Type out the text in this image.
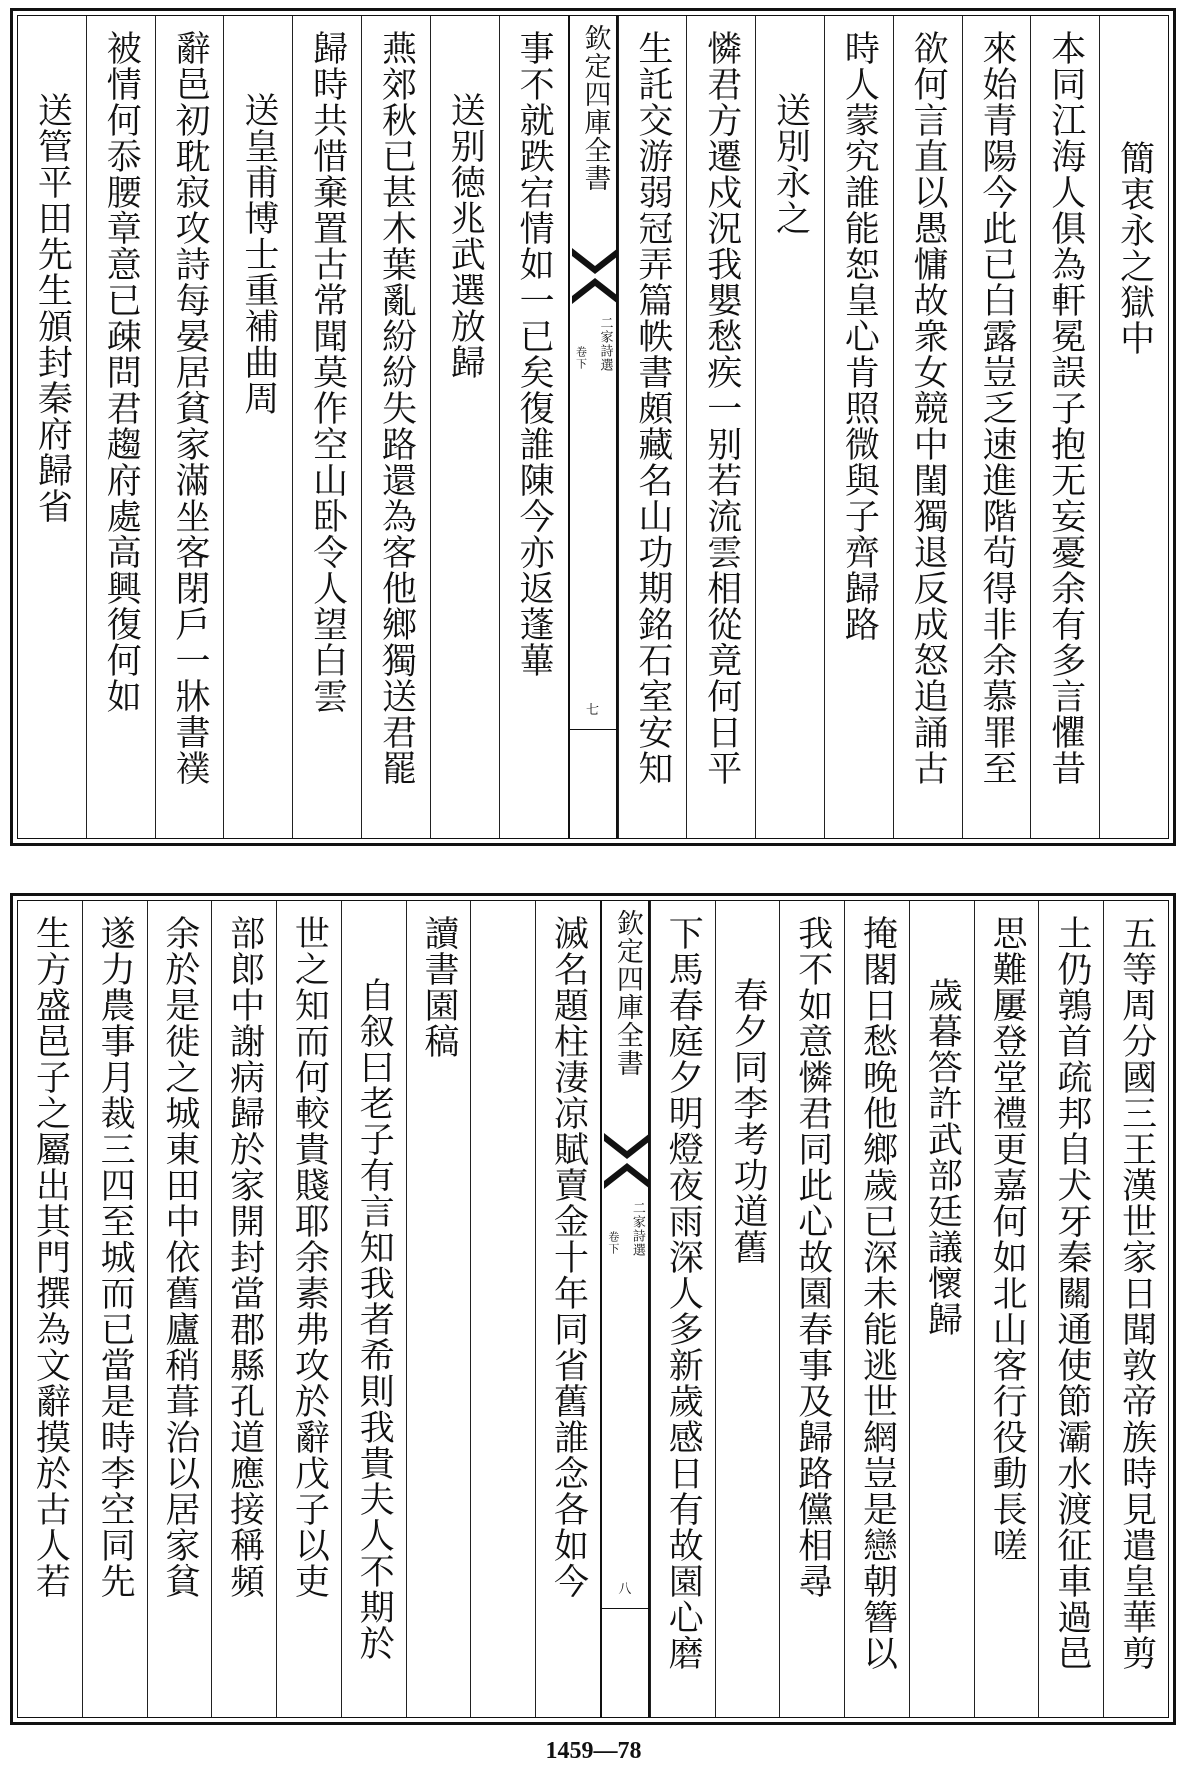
簡衷永之獄中
本同江海人俱為軒冕誤子抱无妄憂余有多言懼昔
來始青陽今此已白露豈乏速進階茍得非余慕罪至
欲何言直以愚慵故衆女競中閨獨退反成怒追誦古
時人蒙究誰能恕皇心肯照微與子齊歸路
送別永之
憐君方遷戍況我嬰愁疾一别若流雲相從竟何日平
生託交游弱冠弄篇帙書頗藏名山功期銘石室安知
欽定四庫全書
二家詩選
卷下
七
事不就跌宕情如一已矣復誰陳今亦返蓬蓽
送别徳兆武選放歸
燕郊秋已甚木葉亂紛紛失路還為客他鄉獨送君罷
歸時共惜棄置古常聞莫作空山卧令人望白雲
送皇甫博士重補曲周
辭邑初耽寂攻詩每晏居貧家滿坐客閉戶一牀書襆
被情何忝腰章意已疎問君趨府處高興復何如
送管平田先生頒封秦府歸省
五等周分國三王漢世家日聞敦帝族時見遣皇華剪
土仍鶉首疏邦自犬牙秦關通使節灞水渡征車過邑
思難屢登堂禮更嘉何如北山客行役動長嗟
歲暮答許武部廷議懷歸
掩閣日愁晚他鄉歲已深未能逃世網豈是戀朝簪以
我不如意憐君同此心故園春事及歸路儻相尋
春夕同李考功道舊
下馬春庭夕明燈夜雨深人多新歲感日有故園心磨
欽定四庫全書
二家詩選
卷下
八
滅名題柱淒凉賦賣金十年同省舊誰念各如今
讀書園稿
自叙曰老子有言知我者希則我貴夫人不期於
世之知而何較貴賤耶余素弗攻於辭戊子以吏
部郎中謝病歸於家開封當郡縣孔道應接稱頻
余於是徙之城東田中依舊廬稍葺治以居家貧
遂力農事月裁三四至城而已當是時李空同先
生方盛邑子之屬出其門撰為文辭摸於古人若
1459—78
